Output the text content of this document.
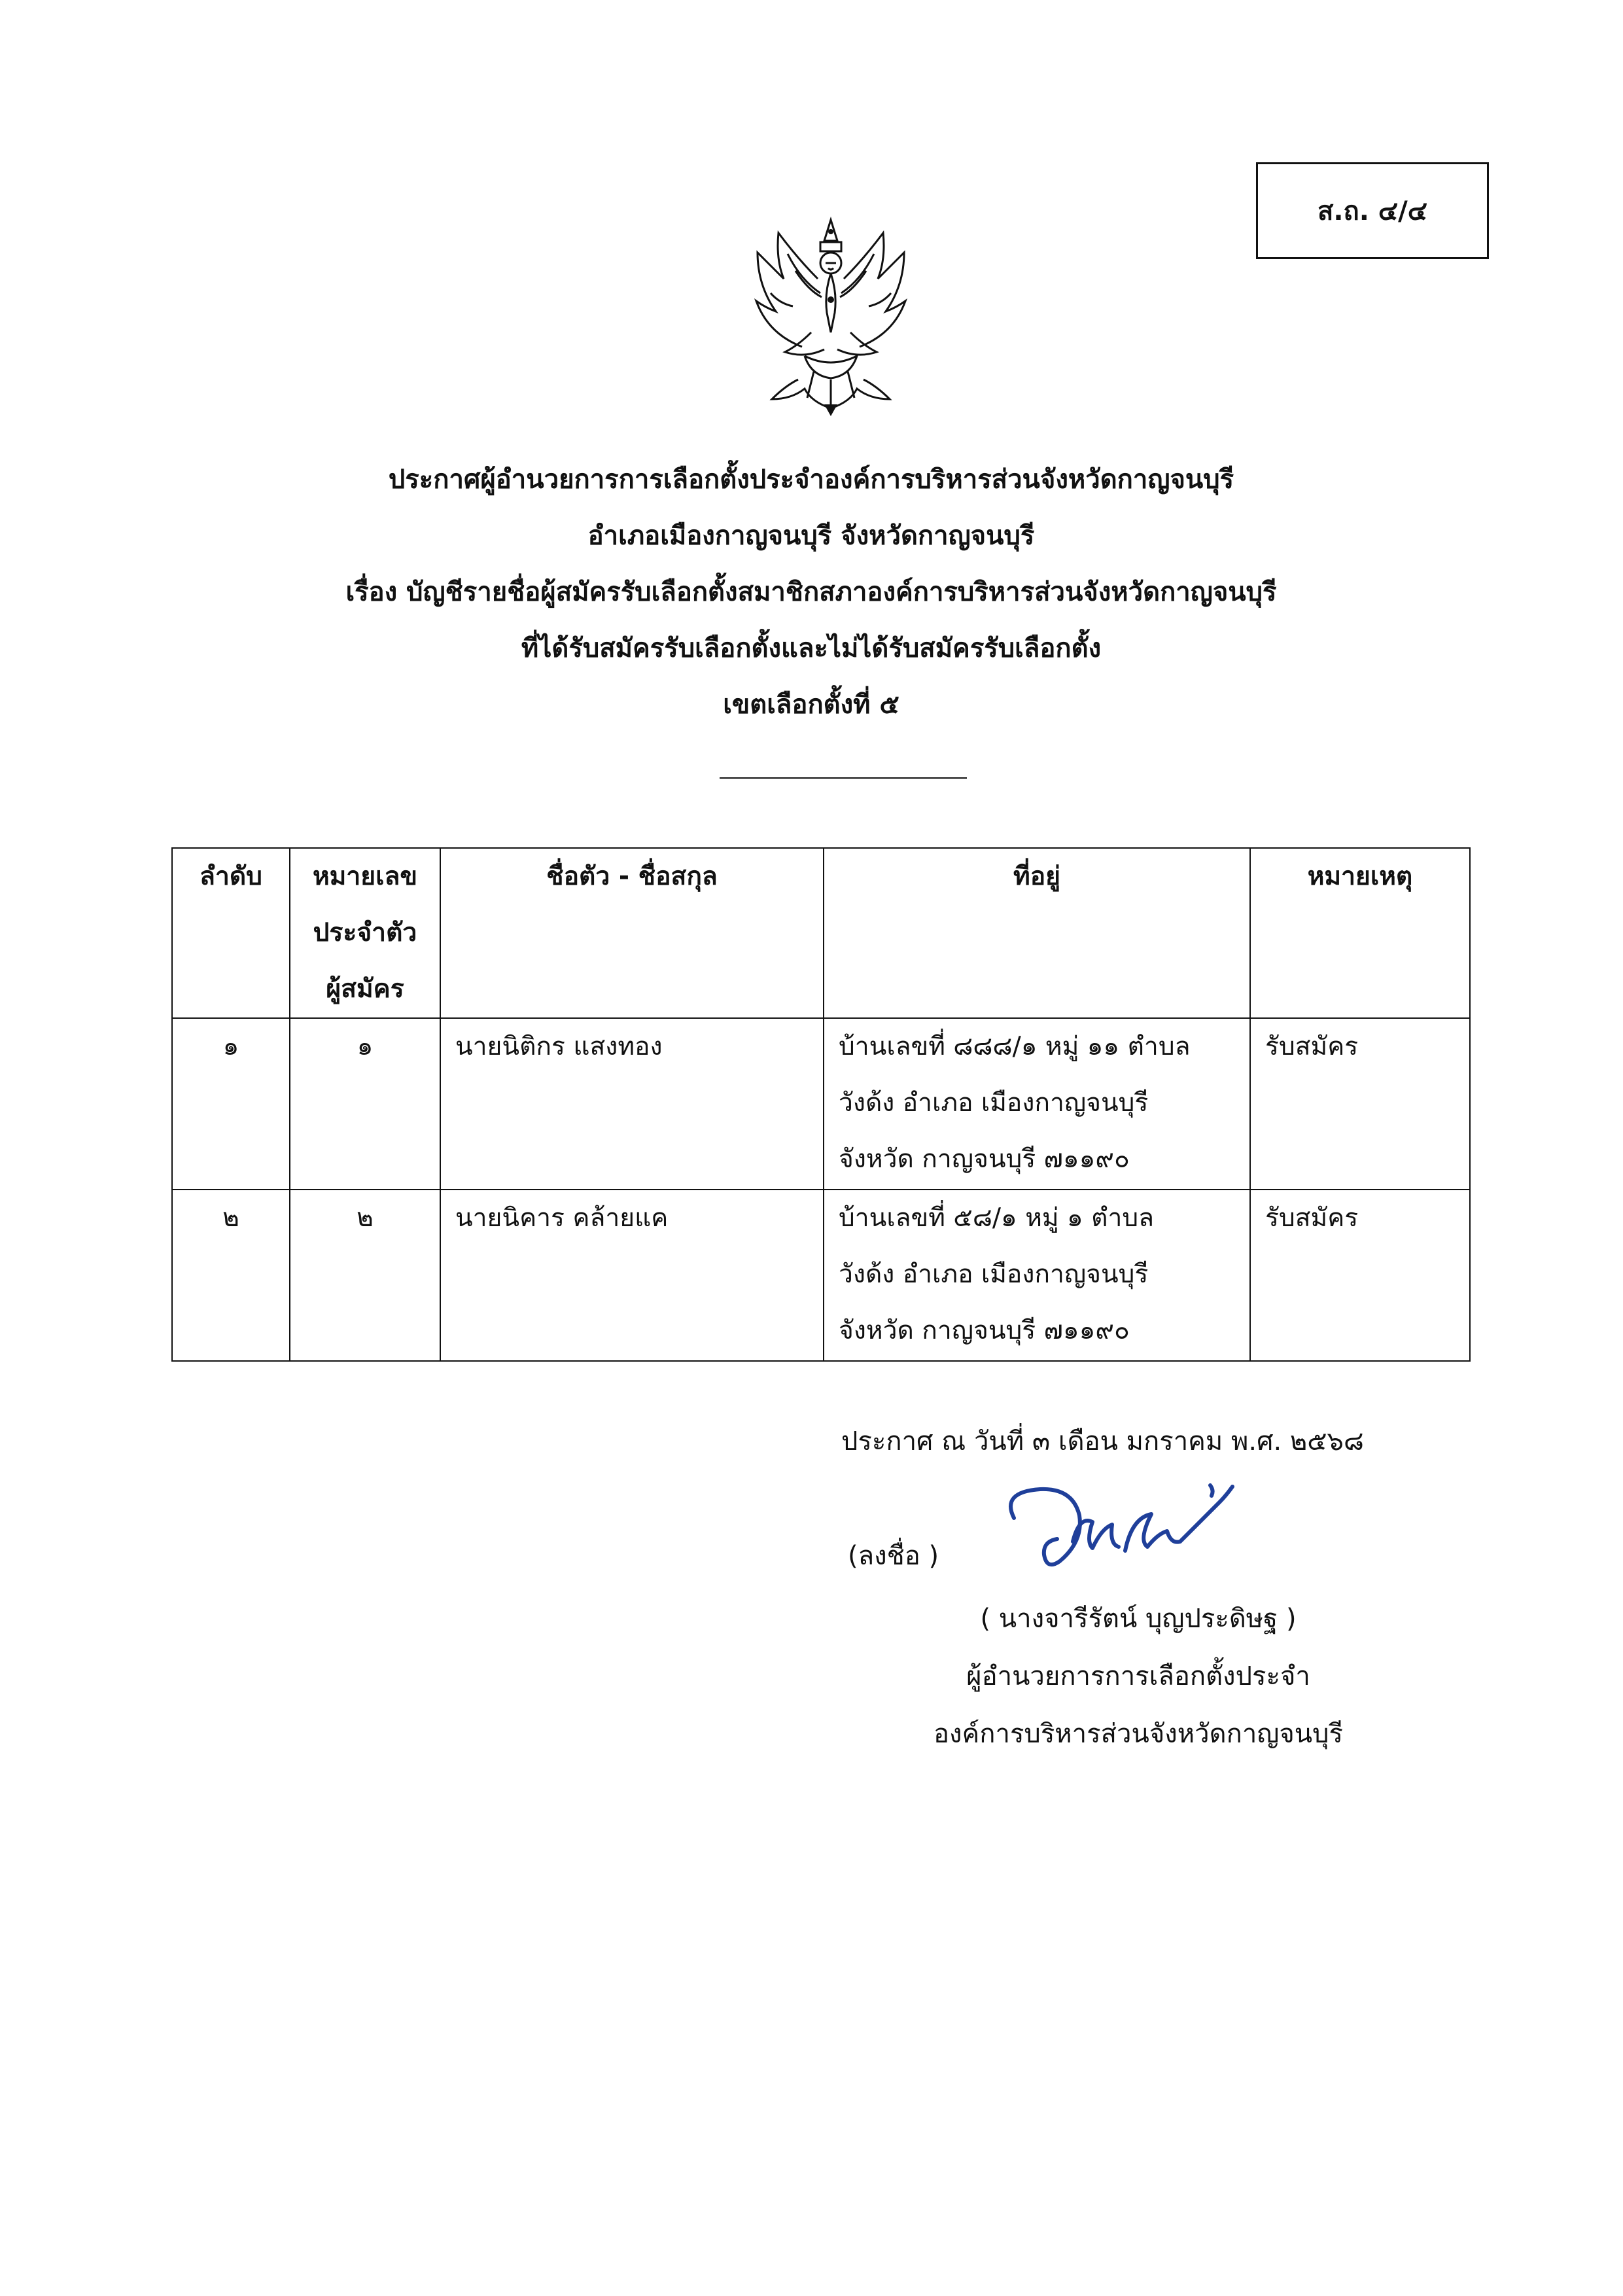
ส.ถ. ๔/๔
ประกาศผู้อำนวยการการเลือกตั้งประจำองค์การบริหารส่วนจังหวัดกาญจนบุรี
อำเภอเมืองกาญจนบุรี จังหวัดกาญจนบุรี
เรื่อง บัญชีรายชื่อผู้สมัครรับเลือกตั้งสมาชิกสภาองค์การบริหารส่วนจังหวัดกาญจนบุรี
ที่ได้รับสมัครรับเลือกตั้งและไม่ได้รับสมัครรับเลือกตั้ง
เขตเลือกตั้งที่ ๕
ลำดับ	หมายเลข
ประจำตัว
ผู้สมัคร	ชื่อตัว - ชื่อสกุล	ที่อยู่	หมายเหตุ
๑	๑	นายนิติกร แสงทอง	บ้านเลขที่ ๘๘๘/๑ หมู่ ๑๑ ตำบล
วังด้ง อำเภอ เมืองกาญจนบุรี
จังหวัด กาญจนบุรี ๗๑๑๙๐	รับสมัคร
๒	๒	นายนิคาร คล้ายแค	บ้านเลขที่ ๕๘/๑ หมู่ ๑ ตำบล
วังด้ง อำเภอ เมืองกาญจนบุรี
จังหวัด กาญจนบุรี ๗๑๑๙๐	รับสมัคร
ประกาศ ณ วันที่ ๓ เดือน มกราคม พ.ศ. ๒๕๖๘
(ลงชื่อ )
( นางจารีรัตน์ บุญประดิษฐ )
ผู้อำนวยการการเลือกตั้งประจำ
องค์การบริหารส่วนจังหวัดกาญจนบุรี
